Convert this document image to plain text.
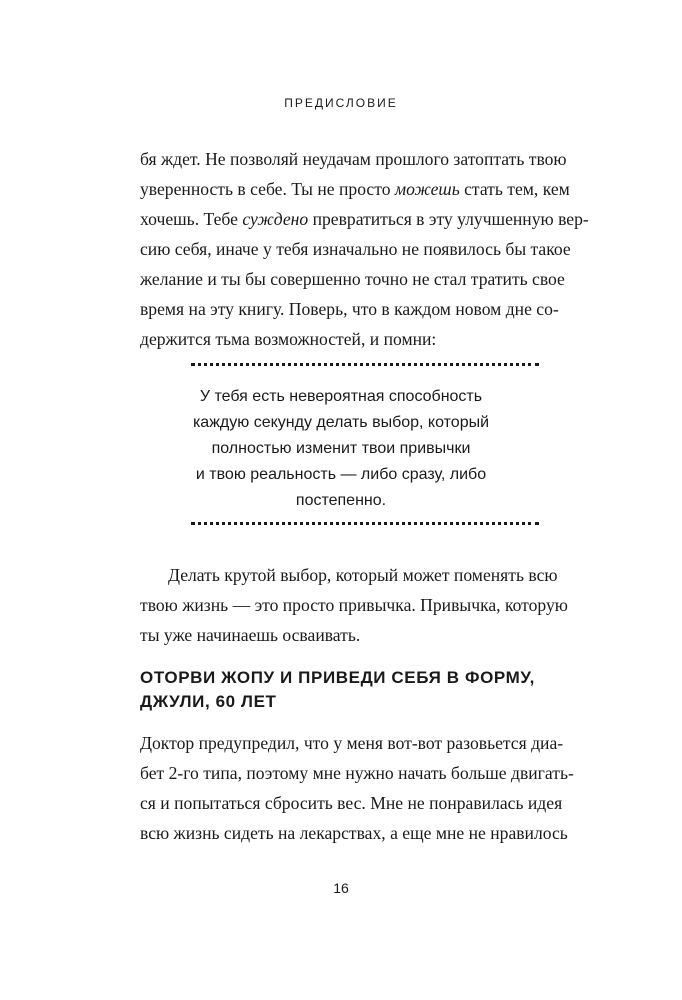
ПРЕДИСЛОВИЕ
бя ждет. Не позволяй неудачам прошлого затоптать твою
уверенность в себе. Ты не просто можешь стать тем, кем
хочешь. Тебе суждено превратиться в эту улучшенную вер-
сию себя, иначе у тебя изначально не появилось бы такое
желание и ты бы совершенно точно не стал тратить свое
время на эту книгу. Поверь, что в каждом новом дне со-
держится тьма возможностей, и помни:
У тебя есть невероятная способность
каждую секунду делать выбор, который
полностью изменит твои привычки
и твою реальность — либо сразу, либо
постепенно.
Делать крутой выбор, который может поменять всю
твою жизнь — это просто привычка. Привычка, которую
ты уже начинаешь осваивать.
ОТОРВИ ЖОПУ И ПРИВЕДИ СЕБЯ В ФОРМУ,
ДЖУЛИ, 60 ЛЕТ
Доктор предупредил, что у меня вот-вот разовьется диа-
бет 2-го типа, поэтому мне нужно начать больше двигать-
ся и попытаться сбросить вес. Мне не понравилась идея
всю жизнь сидеть на лекарствах, а еще мне не нравилось
16
